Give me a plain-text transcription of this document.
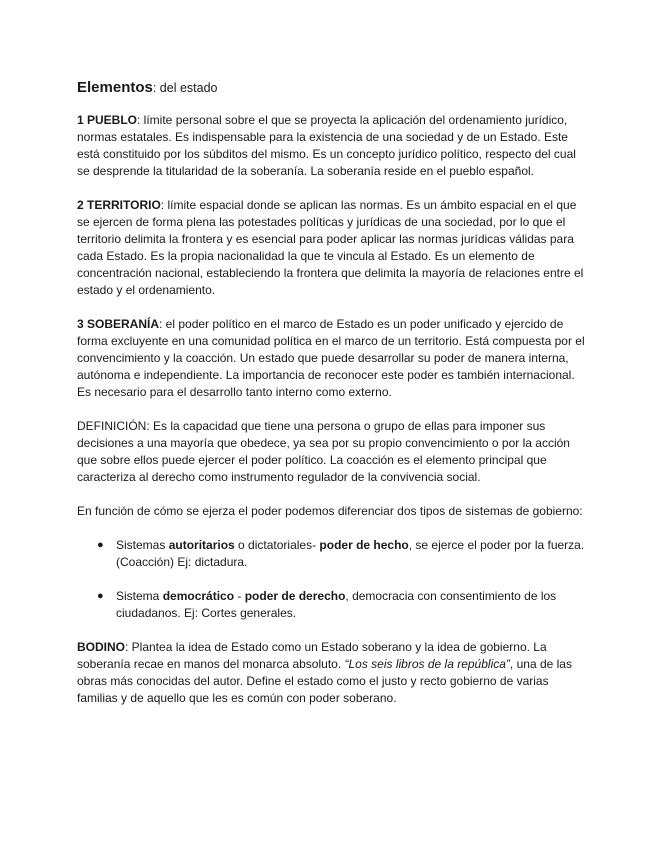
Elementos: del estado

1 PUEBLO: límite personal sobre el que se proyecta la aplicación del ordenamiento jurídico, normas estatales. Es indispensable para la existencia de una sociedad y de un Estado. Este está constituido por los súbditos del mismo. Es un concepto jurídico político, respecto del cual se desprende la titularidad de la soberanía. La soberanía reside en el pueblo español.

2 TERRITORIO: límite espacial donde se aplican las normas. Es un ámbito espacial en el que se ejercen de forma plena las potestades políticas y jurídicas de una sociedad, por lo que el territorio delimita la frontera y es esencial para poder aplicar las normas jurídicas válidas para cada Estado. Es la propia nacionalidad la que te vincula al Estado. Es un elemento de concentración nacional, estableciendo la frontera que delimita la mayoría de relaciones entre el estado y el ordenamiento.

3 SOBERANÍA: el poder político en el marco de Estado es un poder unificado y ejercido de forma excluyente en una comunidad política en el marco de un territorio. Está compuesta por el convencimiento y la coacción. Un estado que puede desarrollar su poder de manera interna, autónoma e independiente. La importancia de reconocer este poder es también internacional. Es necesario para el desarrollo tanto interno como externo.

DEFINICIÓN: Es la capacidad que tiene una persona o grupo de ellas para imponer sus decisiones a una mayoría que obedece, ya sea por su propio convencimiento o por la acción que sobre ellos puede ejercer el poder político. La coacción es el elemento principal que caracteriza al derecho como instrumento regulador de la convivencia social.

En función de cómo se ejerza el poder podemos diferenciar dos tipos de sistemas de gobierno:

● Sistemas autoritarios o dictatoriales- poder de hecho, se ejerce el poder por la fuerza. (Coacción) Ej: dictadura.
● Sistema democrático - poder de derecho, democracia con consentimiento de los ciudadanos. Ej: Cortes generales.

BODINO: Plantea la idea de Estado como un Estado soberano y la idea de gobierno. La soberanía recae en manos del monarca absoluto. “Los seis libros de la república”, una de las obras más conocidas del autor. Define el estado como el justo y recto gobierno de varias familias y de aquello que les es común con poder soberano.
